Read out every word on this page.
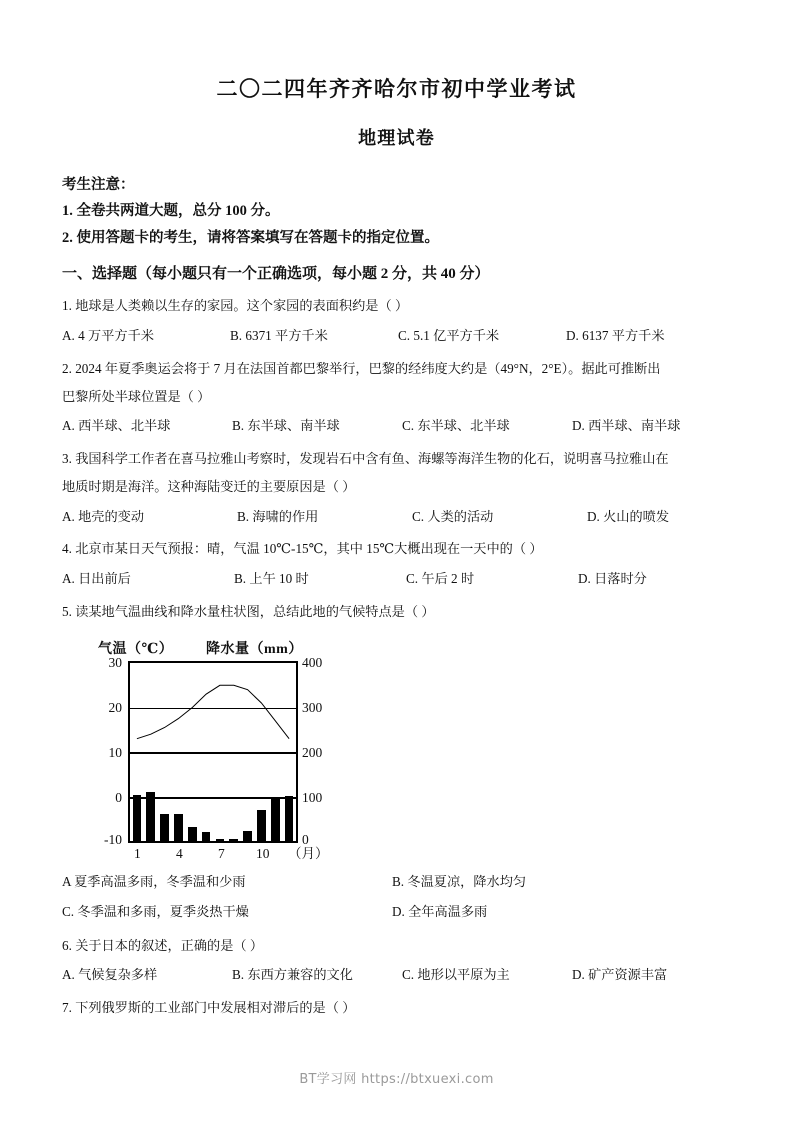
二〇二四年齐齐哈尔市初中学业考试
地理试卷
考生注意：
1. 全卷共两道大题，总分 100 分。
2. 使用答题卡的考生，请将答案填写在答题卡的指定位置。
一、选择题（每小题只有一个正确选项，每小题 2 分，共 40 分）
1. 地球是人类赖以生存的家园。这个家园的表面积约是（ ）
A. 4 万平方千米	B. 6371 平方千米	C. 5.1 亿平方千米	D. 6137 平方千米
2. 2024 年夏季奥运会将于 7 月在法国首都巴黎举行，巴黎的经纬度大约是（49°N，2°E）。据此可推断出
巴黎所处半球位置是（ ）
A. 西半球、北半球	B. 东半球、南半球	C. 东半球、北半球	D. 西半球、南半球
3. 我国科学工作者在喜马拉雅山考察时，发现岩石中含有鱼、海螺等海洋生物的化石，说明喜马拉雅山在
地质时期是海洋。这种海陆变迁的主要原因是（ ）
A. 地壳的变动	B. 海啸的作用	C. 人类的活动	D. 火山的喷发
4. 北京市某日天气预报：晴，气温 10℃-15℃，其中 15℃大概出现在一天中的（ ）
A. 日出前后	B. 上午 10 时	C. 午后 2 时	D. 日落时分
5. 读某地气温曲线和降水量柱状图，总结此地的气候特点是（ ）
气温（℃）	降水量（mm）
30
20
10
0
-10
400
300
200
100
0
1	4	7 10 （月）
A 夏季高温多雨，冬季温和少雨	B. 冬温夏凉，降水均匀
C. 冬季温和多雨，夏季炎热干燥	D. 全年高温多雨
6. 关于日本的叙述，正确的是（ ）
A. 气候复杂多样	B. 东西方兼容的文化	C. 地形以平原为主	D. 矿产资源丰富
7. 下列俄罗斯的工业部门中发展相对滞后的是（ ）
BT学习网 https://btxuexi.com
